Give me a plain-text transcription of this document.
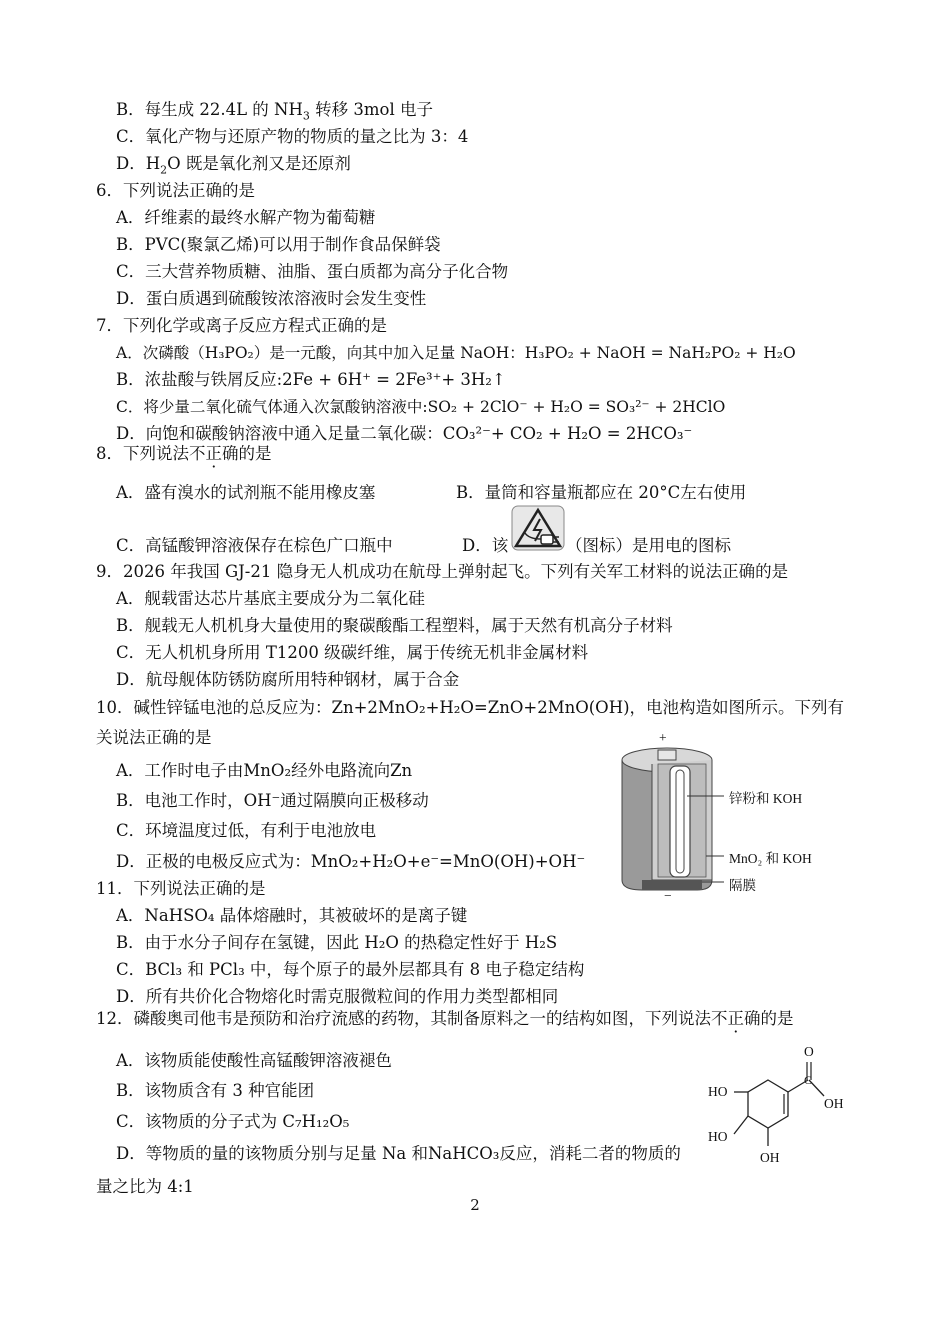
B．每生成 22.4L 的 $NH_3$ 转移 3mol 电子
C．氧化产物与还原产物的物质的量之比为 3：4
D．$H_2O$ 既是氧化剂又是还原剂
6．下列说法正确的是
A．纤维素的最终水解产物为葡萄糖
B．PVC(聚氯乙烯)可以用于制作食品保鲜袋
C．三大营养物质糖、油脂、蛋白质都为高分子化合物
D．蛋白质遇到硫酸铵浓溶液时会发生变性
7．下列化学或离子反应方程式正确的是
A．次磷酸（H₃PO₂）是一元酸，向其中加入足量 NaOH：H₃PO₂ + NaOH = NaH₂PO₂ + H₂O
B．浓盐酸与铁屑反应:2Fe + 6H⁺ = 2Fe³⁺+ 3H₂↑
C．将少量二氧化硫气体通入次氯酸钠溶液中:SO₂ + 2ClO⁻ + H₂O = SO₃²⁻ + 2HClO
D．向饱和碳酸钠溶液中通入足量二氧化碳：CO₃²⁻+ CO₂ + H₂O = 2HCO₃⁻
8．下列说法不正确的是
A．盛有溴水的试剂瓶不能用橡皮塞	B．量筒和容量瓶都应在 20°C左右使用
C．高锰酸钾溶液保存在棕色广口瓶中	D．该	（图标）是用电的图标
9．2026 年我国 GJ-21 隐身无人机成功在航母上弹射起飞。下列有关军工材料的说法正确的是
A．舰载雷达芯片基底主要成分为二氧化硅
B．舰载无人机机身大量使用的聚碳酸酯工程塑料，属于天然有机高分子材料
C．无人机机身所用 T1200 级碳纤维，属于传统无机非金属材料
D．航母舰体防锈防腐所用特种钢材，属于合金
10．碱性锌锰电池的总反应为：Zn+2MnO₂+H₂O=ZnO+2MnO(OH)，电池构造如图所示。下列有
关说法正确的是
A．工作时电子由MnO₂经外电路流向Zn
B．电池工作时，OH⁻通过隔膜向正极移动
C．环境温度过低，有利于电池放电
D．正极的电极反应式为：MnO₂+H₂O+e⁻=MnO(OH)+OH⁻
+
−
锌粉和 KOH
MnO₂ 和 KOH
隔膜
11．下列说法正确的是
A．NaHSO₄ 晶体熔融时，其被破坏的是离子键
B．由于水分子间存在氢键，因此 H₂O 的热稳定性好于 H₂S
C．BCl₃ 和 PCl₃ 中，每个原子的最外层都具有 8 电子稳定结构
D．所有共价化合物熔化时需克服微粒间的作用力类型都相同
12．磷酸奥司他韦是预防和治疗流感的药物，其制备原料之一的结构如图，下列说法不正确的是
A．该物质能使酸性高锰酸钾溶液褪色
B．该物质含有 3 种官能团
C．该物质的分子式为 C₇H₁₂O₅
D．等物质的量的该物质分别与足量 Na 和NaHCO₃反应，消耗二者的物质的
量之比为 4:1
O
C
OH
HO
HO
OH
2
